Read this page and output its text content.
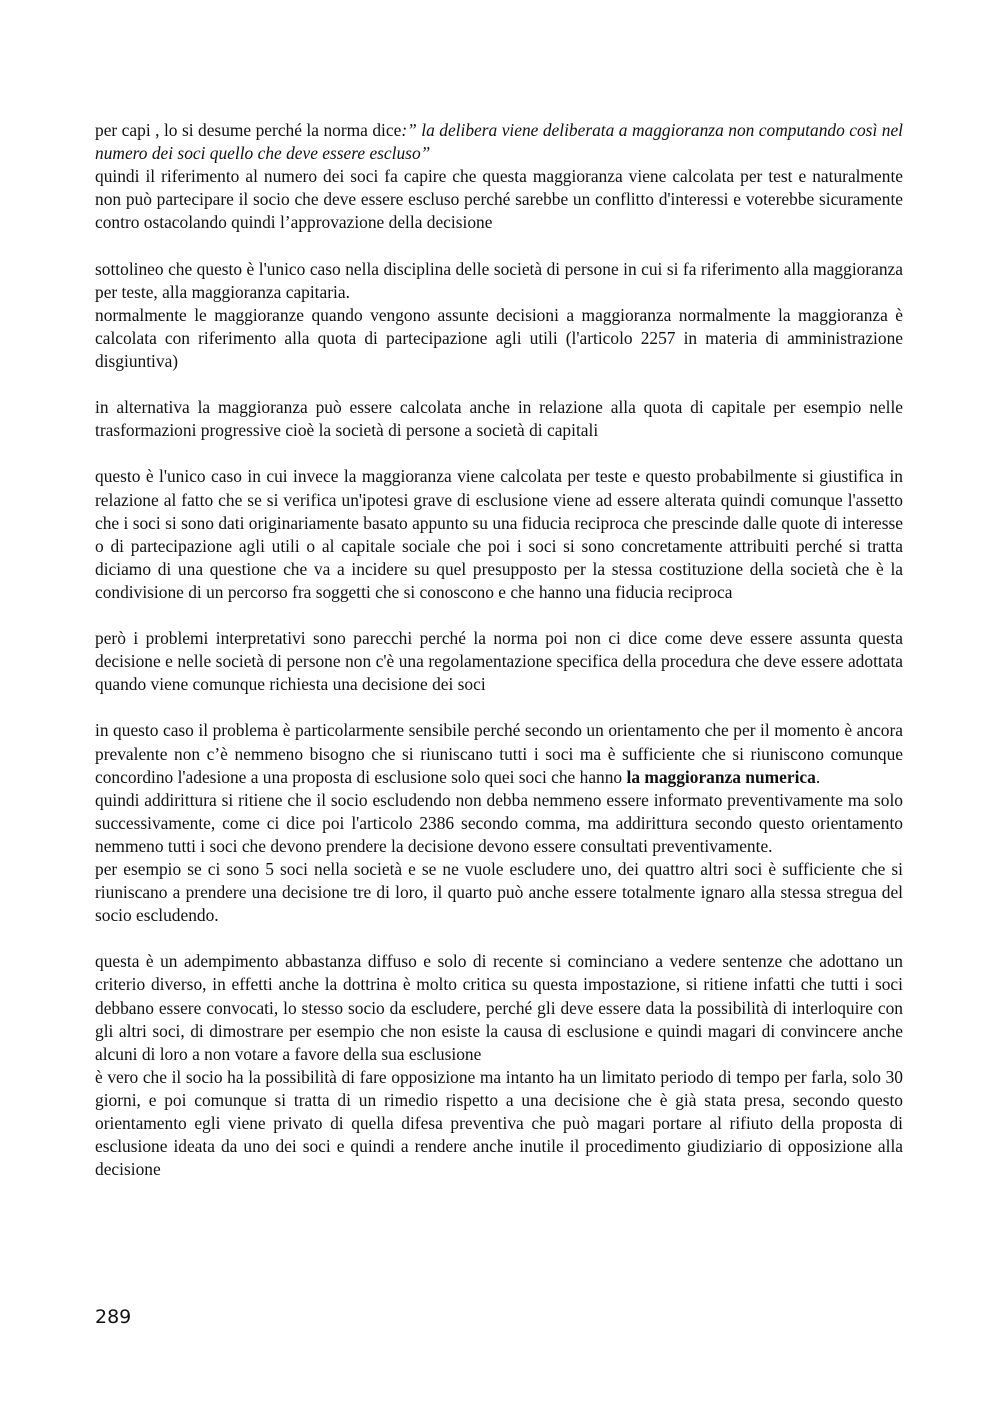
per capi , lo si desume perché la norma dice:” la delibera viene deliberata a maggioranza non computando così nel numero dei soci quello che deve essere escluso”

quindi il riferimento al numero dei soci fa capire che questa maggioranza viene calcolata per test e naturalmente non può partecipare il socio che deve essere escluso perché sarebbe un conflitto d'interessi e voterebbe sicuramente contro ostacolando quindi l’approvazione della decisione

sottolineo che questo è l'unico caso nella disciplina delle società di persone in cui si fa riferimento alla maggioranza per teste, alla maggioranza capitaria.

normalmente le maggioranze quando vengono assunte decisioni a maggioranza normalmente la maggioranza è calcolata con riferimento alla quota di partecipazione agli utili (l'articolo 2257 in materia di amministrazione disgiuntiva)

in alternativa la maggioranza può essere calcolata anche in relazione alla quota di capitale per esempio nelle trasformazioni progressive cioè la società di persone a società di capitali

questo è l'unico caso in cui invece la maggioranza viene calcolata per teste e questo probabilmente si giustifica in relazione al fatto che se si verifica un'ipotesi grave di esclusione viene ad essere alterata quindi comunque l'assetto che i soci si sono dati originariamente basato appunto su una fiducia reciproca che prescinde dalle quote di interesse o di partecipazione agli utili o al capitale sociale che poi i soci si sono concretamente attribuiti perché si tratta diciamo di una questione che va a incidere su quel presupposto per la stessa costituzione della società che è la condivisione di un percorso fra soggetti che si conoscono e che hanno una fiducia reciproca

però i problemi interpretativi sono parecchi perché la norma poi non ci dice come deve essere assunta questa decisione e nelle società di persone non c'è una regolamentazione specifica della procedura che deve essere adottata quando viene comunque richiesta una decisione dei soci

in questo caso il problema è particolarmente sensibile perché secondo un orientamento che per il momento è ancora prevalente non c’è nemmeno bisogno che si riuniscano tutti i soci ma è sufficiente che si riuniscono comunque concordino l'adesione a una proposta di esclusione solo quei soci che hanno la maggioranza numerica.

quindi addirittura si ritiene che il socio escludendo non debba nemmeno essere informato preventivamente ma solo successivamente, come ci dice poi l'articolo 2386 secondo comma, ma addirittura secondo questo orientamento nemmeno tutti i soci che devono prendere la decisione devono essere consultati preventivamente.

per esempio se ci sono 5 soci nella società e se ne vuole escludere uno, dei quattro altri soci è sufficiente che si riuniscano a prendere una decisione tre di loro, il quarto può anche essere totalmente ignaro alla stessa stregua del socio escludendo.

questa è un adempimento abbastanza diffuso e solo di recente si cominciano a vedere sentenze che adottano un criterio diverso, in effetti anche la dottrina è molto critica su questa impostazione, si ritiene infatti che tutti i soci debbano essere convocati, lo stesso socio da escludere, perché gli deve essere data la possibilità di interloquire con gli altri soci, di dimostrare per esempio che non esiste la causa di esclusione e quindi magari di convincere anche alcuni di loro a non votare a favore della sua esclusione

è vero che il socio ha la possibilità di fare opposizione ma intanto ha un limitato periodo di tempo per farla, solo 30 giorni, e poi comunque si tratta di un rimedio rispetto a una decisione che è già stata presa, secondo questo orientamento egli viene privato di quella difesa preventiva che può magari portare al rifiuto della proposta di esclusione ideata da uno dei soci e quindi a rendere anche inutile il procedimento giudiziario di opposizione alla decisione

289
